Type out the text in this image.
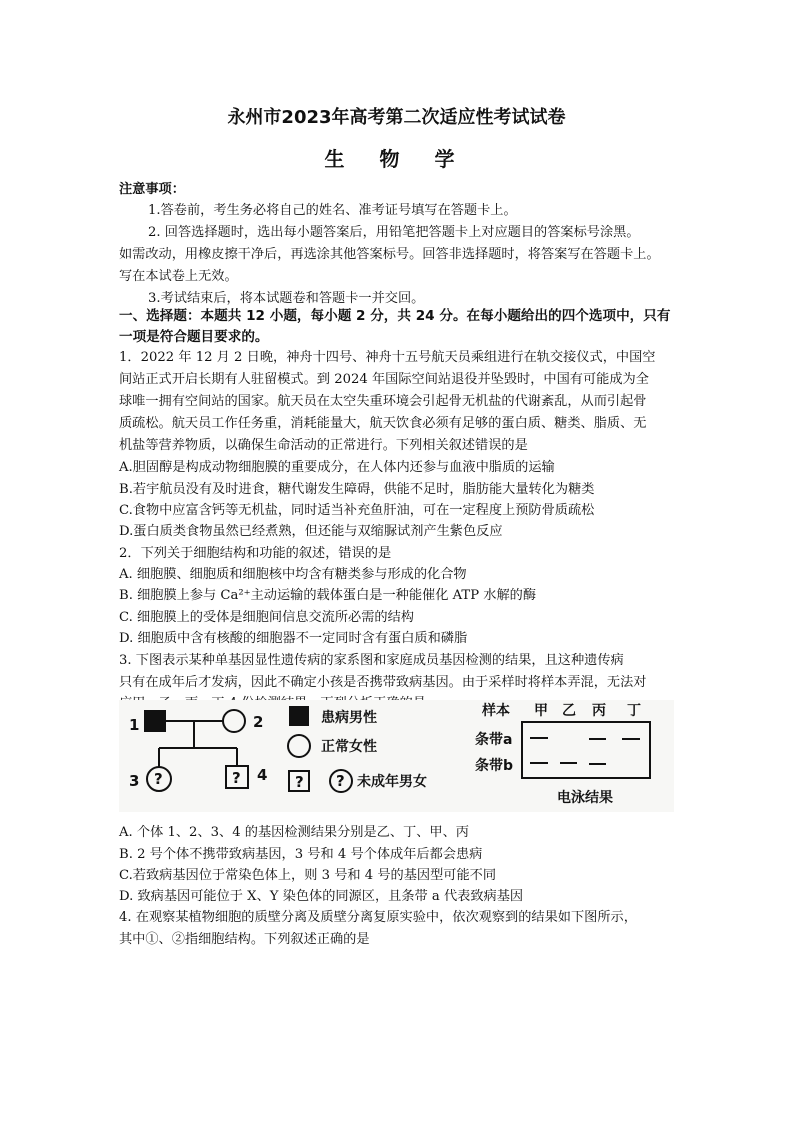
永州市2023年高考第二次适应性考试试卷
生 物 学
注意事项：
1.答卷前，考生务必将自己的姓名、准考证号填写在答题卡上。
2. 回答选择题时，选出每小题答案后，用铅笔把答题卡上对应题目的答案标号涂黑。
如需改动，用橡皮擦干净后，再选涂其他答案标号。回答非选择题时，将答案写在答题卡上。
写在本试卷上无效。
3.考试结束后，将本试题卷和答题卡一并交回。
一、选择题：本题共 12 小题，每小题 2 分，共 24 分。在每小题给出的四个选项中，只有
一项是符合题目要求的。
1．2022 年 12 月 2 日晚，神舟十四号、神舟十五号航天员乘组进行在轨交接仪式，中国空
间站正式开启长期有人驻留模式。到 2024 年国际空间站退役并坠毁时，中国有可能成为全
球唯一拥有空间站的国家。航天员在太空失重环境会引起骨无机盐的代谢紊乱，从而引起骨
质疏松。航天员工作任务重，消耗能量大，航天饮食必须有足够的蛋白质、糖类、脂质、无
机盐等营养物质，以确保生命活动的正常进行。下列相关叙述错误的是
A.胆固醇是构成动物细胞膜的重要成分，在人体内还参与血液中脂质的运输
B.若宇航员没有及时进食，糖代谢发生障碍，供能不足时，脂肪能大量转化为糖类
C.食物中应富含钙等无机盐，同时适当补充鱼肝油，可在一定程度上预防骨质疏松
D.蛋白质类食物虽然已经煮熟，但还能与双缩脲试剂产生紫色反应
2．下列关于细胞结构和功能的叙述，错误的是
A. 细胞膜、细胞质和细胞核中均含有糖类参与形成的化合物
B. 细胞膜上参与 Ca²⁺主动运输的载体蛋白是一种能催化 ATP 水解的酶
C. 细胞膜上的受体是细胞间信息交流所必需的结构
D. 细胞质中含有核酸的细胞器不一定同时含有蛋白质和磷脂
3. 下图表示某种单基因显性遗传病的家系图和家庭成员基因检测的结果，且这种遗传病
只有在成年后才发病，因此不确定小孩是否携带致病基因。由于采样时将样本弄混，无法对
1	2
3 ?	? 4
患病男性
正常女性
? ? 未成年男女
样本 甲 乙 丙 丁
条带a
条带b
电泳结果
A. 个体 1、2、3、4 的基因检测结果分别是乙、丁、甲、丙
B. 2 号个体不携带致病基因，3 号和 4 号个体成年后都会患病
C.若致病基因位于常染色体上，则 3 号和 4 号的基因型可能不同
D. 致病基因可能位于 X、Y 染色体的同源区，且条带 a 代表致病基因
4. 在观察某植物细胞的质壁分离及质壁分离复原实验中，依次观察到的结果如下图所示，
其中①、②指细胞结构。下列叙述正确的是
